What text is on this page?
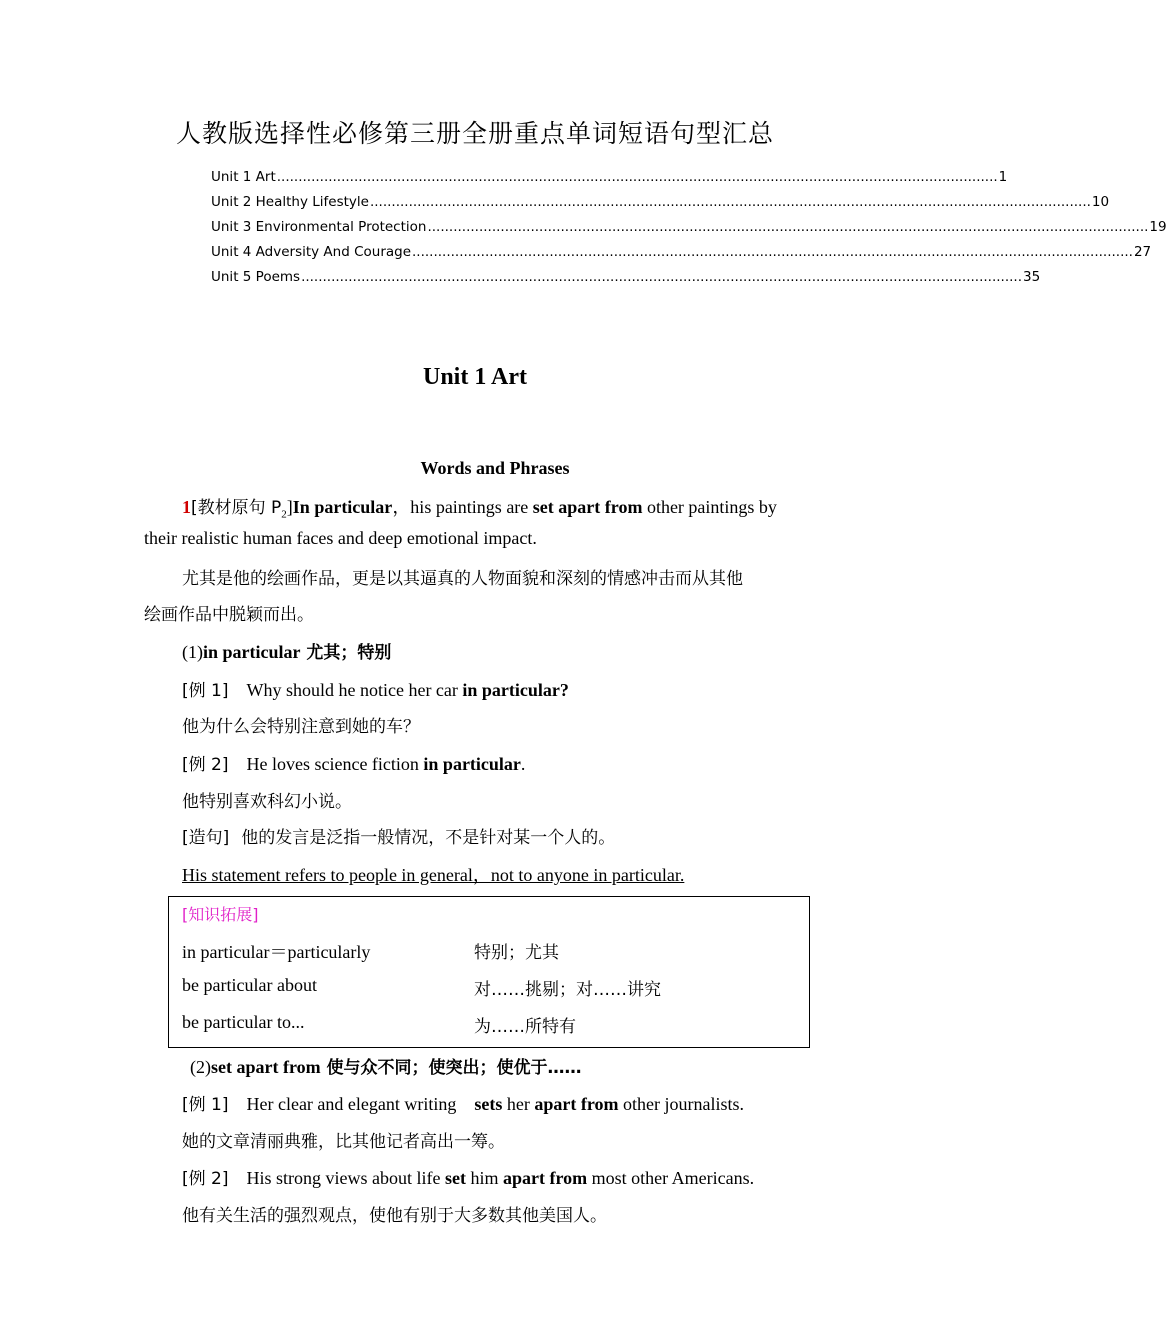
人教版选择性必修第三册全册重点单词短语句型汇总
Unit 1 Art ........................................................................................................................................................................ 1
Unit 2 Healthy Lifestyle ........................................................................................................................................................................ 10
Unit 3 Environmental Protection ........................................................................................................................................................................ 19
Unit 4 Adversity And Courage ........................................................................................................................................................................ 27
Unit 5 Poems ........................................................................................................................................................................ 35
Unit 1 Art
Words and Phrases
1[教材原句 $P_2]In$ particular，his paintings are set apart from other paintings by
their realistic human faces and deep emotional impact.
尤其是他的绘画作品，更是以其逼真的人物面貌和深刻的情感冲击而从其他
绘画作品中脱颖而出。
(1)in particular 尤其；特别
[例 1] Why should he notice her car in particular?
他为什么会特别注意到她的车？
[例 2] He loves science fiction in particular.
他特别喜欢科幻小说。
[造句] 他的发言是泛指一般情况，不是针对某一个人的。
His statement refers to people in general，not to anyone in particular.
[知识拓展]
in particular＝particularly	特别；尤其
be particular about	对……挑剔；对……讲究
be particular to...	为……所特有
(2)set apart from 使与众不同；使突出；使优于……
[例 1] Her clear and elegant writing sets her apart from other journalists.
她的文章清丽典雅，比其他记者高出一筹。
[例 2] His strong views about life set him apart from most other Americans.
他有关生活的强烈观点，使他有别于大多数其他美国人。
